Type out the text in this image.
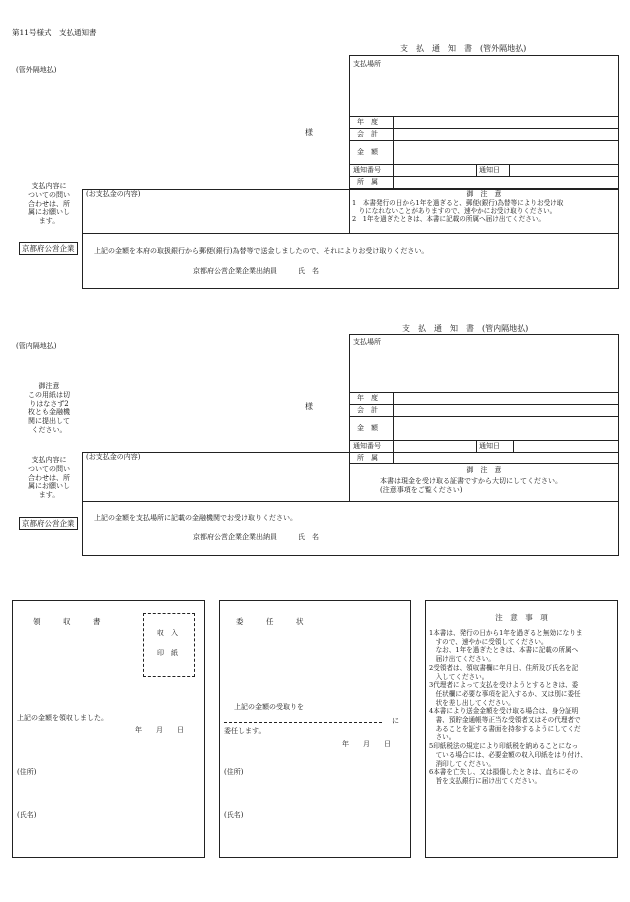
第11号様式　支払通知書
支　払　通　知　書　(管外隔地払)
(管外隔地払)
様
支払場所
年　度
会　計
金　額
通知番号	通知日
所　属
支払内容に
ついての問い
合わせは、所
属にお願いし
ます。
京都府公営企業
(お支払金の内容)	御　注　意
1　本書発行の日から1年を過ぎると、郵便(銀行)為替等によりお受け取
　りになれないことがありますので、速やかにお受け取りください。
2　1年を過ぎたときは、本書に記載の所属へ届け出てください。
上記の金額を本府の取扱銀行から郵便(銀行)為替等で送金しましたので、それによりお受け取りください。
京都府公営企業企業出納員　　　氏　名
支　払　通　知　書　(管内隔地払)
(管内隔地払)
様
支払場所
年　度
会　計
金　額
通知番号	通知日
所　属
御注意
この用紙は切
りはなさず2
枚とも金融機
関に提出して
ください。
支払内容に
ついての問い
合わせは、所
属にお願いし
ます。
京都府公営企業
(お支払金の内容)
御　注　意
本書は現金を受け取る証書ですから大切にしてください。
(注意事項をご覧ください)
上記の金額を支払場所に記載の金融機関でお受け取りください。
京都府公営企業企業出納員　　　氏　名
領　　　収　　　書
収　入
印　紙
上記の金額を領収しました。
年　　月　　日
(住所)
(氏名)
委　　　任　　　状
上記の金額の受取りを
に
委任します。
年　　月　　日
(住所)
(氏名)
注　意　事　項
1本書は、発行の日から1年を過ぎると無効になりま
　すので、速やかに受領してください。
　なお、1年を過ぎたときは、本書に記載の所属へ
　届け出てください。
2受領者は、領収書欄に年月日、住所及び氏名を記
　入してください。
3代理者によって支払を受けようとするときは、委
　任状欄に必要な事項を記入するか、又は別に委任
　状を差し出してください。
4本書により送金金額を受け取る場合は、身分証明
　書、預貯金通帳等正当な受領者又はその代理者で
　あることを証する書面を持参するようにしてくだ
　さい。
5印紙税法の規定により印紙税を納めることになっ
　ている場合には、必要金額の収入印紙をはり付け、
　消印してください。
6本書を亡失し、又は損傷したときは、直ちにその
　旨を支払銀行に届け出てください。
